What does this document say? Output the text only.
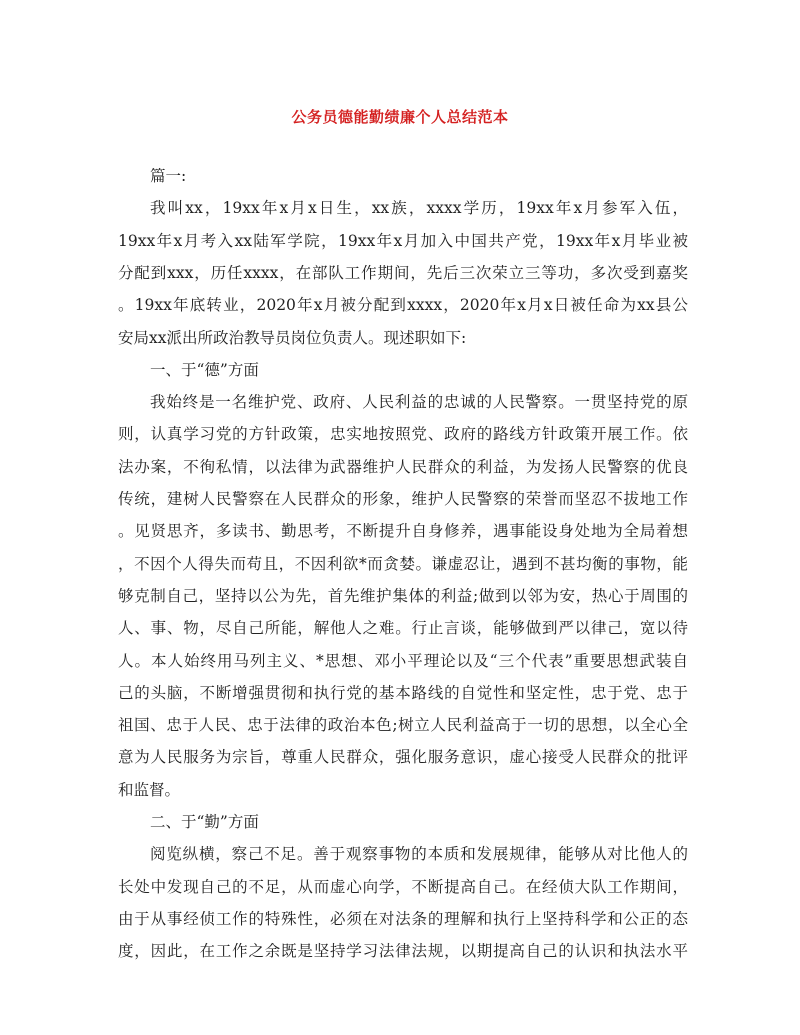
公务员德能勤绩廉个人总结范本
篇一:
我叫xx，19xx年x月x日生，xx族，xxxx学历，19xx年x月参军入伍，
19xx年x月考入xx陆军学院，19xx年x月加入中国共产党，19xx年x月毕业被
分配到xxx，历任xxxx，在部队工作期间，先后三次荣立三等功，多次受到嘉奖
。19xx年底转业，2020年x月被分配到xxxx，2020年x月x日被任命为xx县公
安局xx派出所政治教导员岗位负责人。现述职如下:
一、于“德”方面
我始终是一名维护党、政府、人民利益的忠诚的人民警察。一贯坚持党的原
则，认真学习党的方针政策，忠实地按照党、政府的路线方针政策开展工作。依
法办案，不徇私情，以法律为武器维护人民群众的利益，为发扬人民警察的优良
传统，建树人民警察在人民群众的形象，维护人民警察的荣誉而坚忍不拔地工作
。见贤思齐，多读书、勤思考，不断提升自身修养，遇事能设身处地为全局着想
，不因个人得失而苟且，不因利欲*而贪婪。谦虚忍让，遇到不甚均衡的事物，能
够克制自己，坚持以公为先，首先维护集体的利益;做到以邻为安，热心于周围的
人、事、物，尽自己所能，解他人之难。行止言谈，能够做到严以律己，宽以待
人。本人始终用马列主义、*思想、邓小平理论以及“三个代表”重要思想武装自
己的头脑，不断增强贯彻和执行党的基本路线的自觉性和坚定性，忠于党、忠于
祖国、忠于人民、忠于法律的政治本色;树立人民利益高于一切的思想，以全心全
意为人民服务为宗旨，尊重人民群众，强化服务意识，虚心接受人民群众的批评
和监督。
二、于“勤”方面
阅览纵横，察己不足。善于观察事物的本质和发展规律，能够从对比他人的
长处中发现自己的不足，从而虚心向学，不断提高自己。在经侦大队工作期间，
由于从事经侦工作的特殊性，必须在对法条的理解和执行上坚持科学和公正的态
度，因此，在工作之余既是坚持学习法律法规，以期提高自己的认识和执法水平
